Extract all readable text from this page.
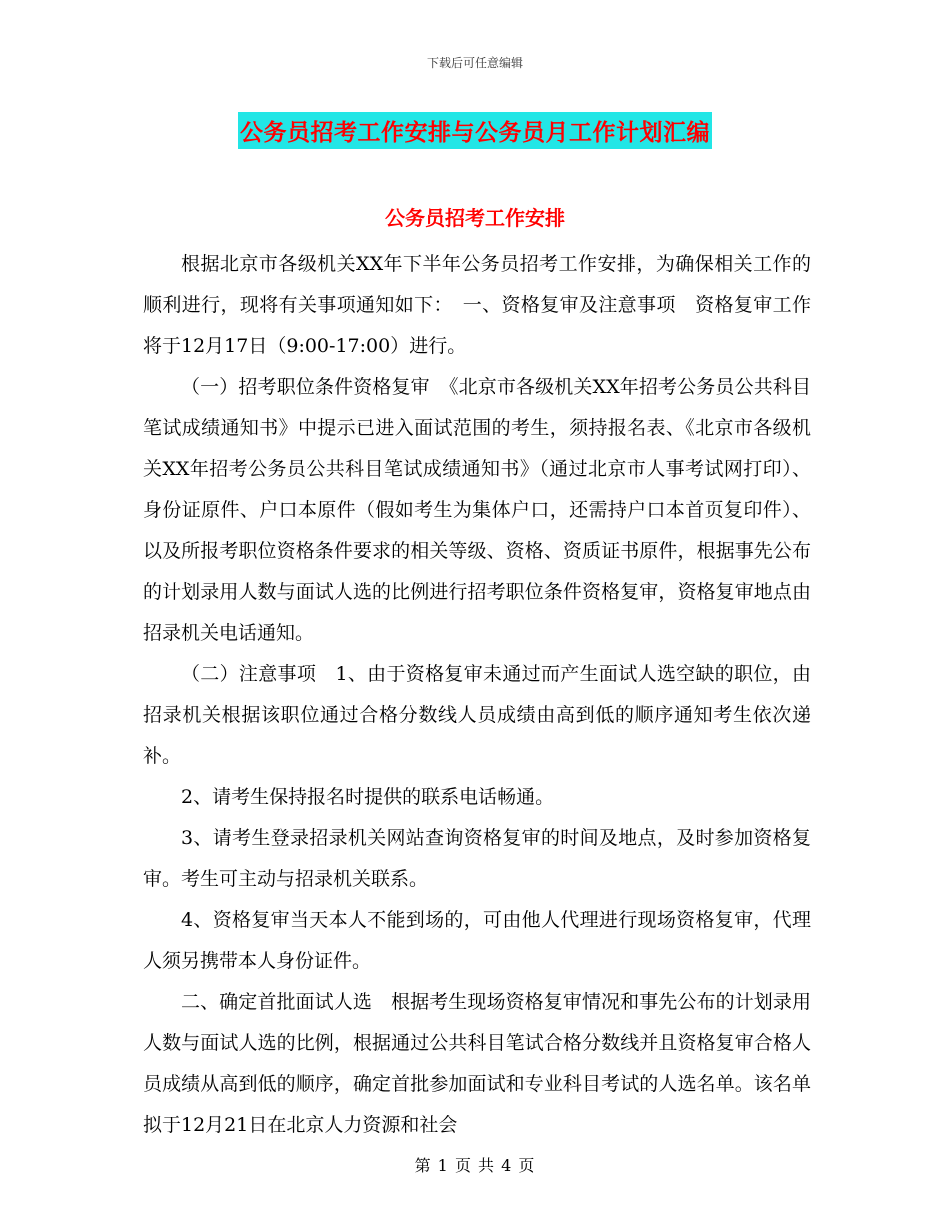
下载后可任意编辑
公务员招考工作安排与公务员月工作计划汇编
公务员招考工作安排

根据北京市各级机关XX年下半年公务员招考工作安排，为确保相关工作的顺利进行，现将有关事项通知如下：　一、资格复审及注意事项　资格复审工作将于12月17日（9:00-17:00）进行。

（一）招考职位条件资格复审　《北京市各级机关XX年招考公务员公共科目笔试成绩通知书》中提示已进入面试范围的考生，须持报名表、《北京市各级机关XX年招考公务员公共科目笔试成绩通知书》（通过北京市人事考试网打印）、身份证原件、户口本原件（假如考生为集体户口，还需持户口本首页复印件）、以及所报考职位资格条件要求的相关等级、资格、资质证书原件，根据事先公布的计划录用人数与面试人选的比例进行招考职位条件资格复审，资格复审地点由招录机关电话通知。

（二）注意事项　1、由于资格复审未通过而产生面试人选空缺的职位，由招录机关根据该职位通过合格分数线人员成绩由高到低的顺序通知考生依次递补。

2、请考生保持报名时提供的联系电话畅通。

3、请考生登录招录机关网站查询资格复审的时间及地点，及时参加资格复审。考生可主动与招录机关联系。

4、资格复审当天本人不能到场的，可由他人代理进行现场资格复审，代理人须另携带本人身份证件。

二、确定首批面试人选　根据考生现场资格复审情况和事先公布的计划录用人数与面试人选的比例，根据通过公共科目笔试合格分数线并且资格复审合格人员成绩从高到低的顺序，确定首批参加面试和专业科目考试的人选名单。该名单拟于12月21日在北京人力资源和社会

第 1 页 共 4 页
